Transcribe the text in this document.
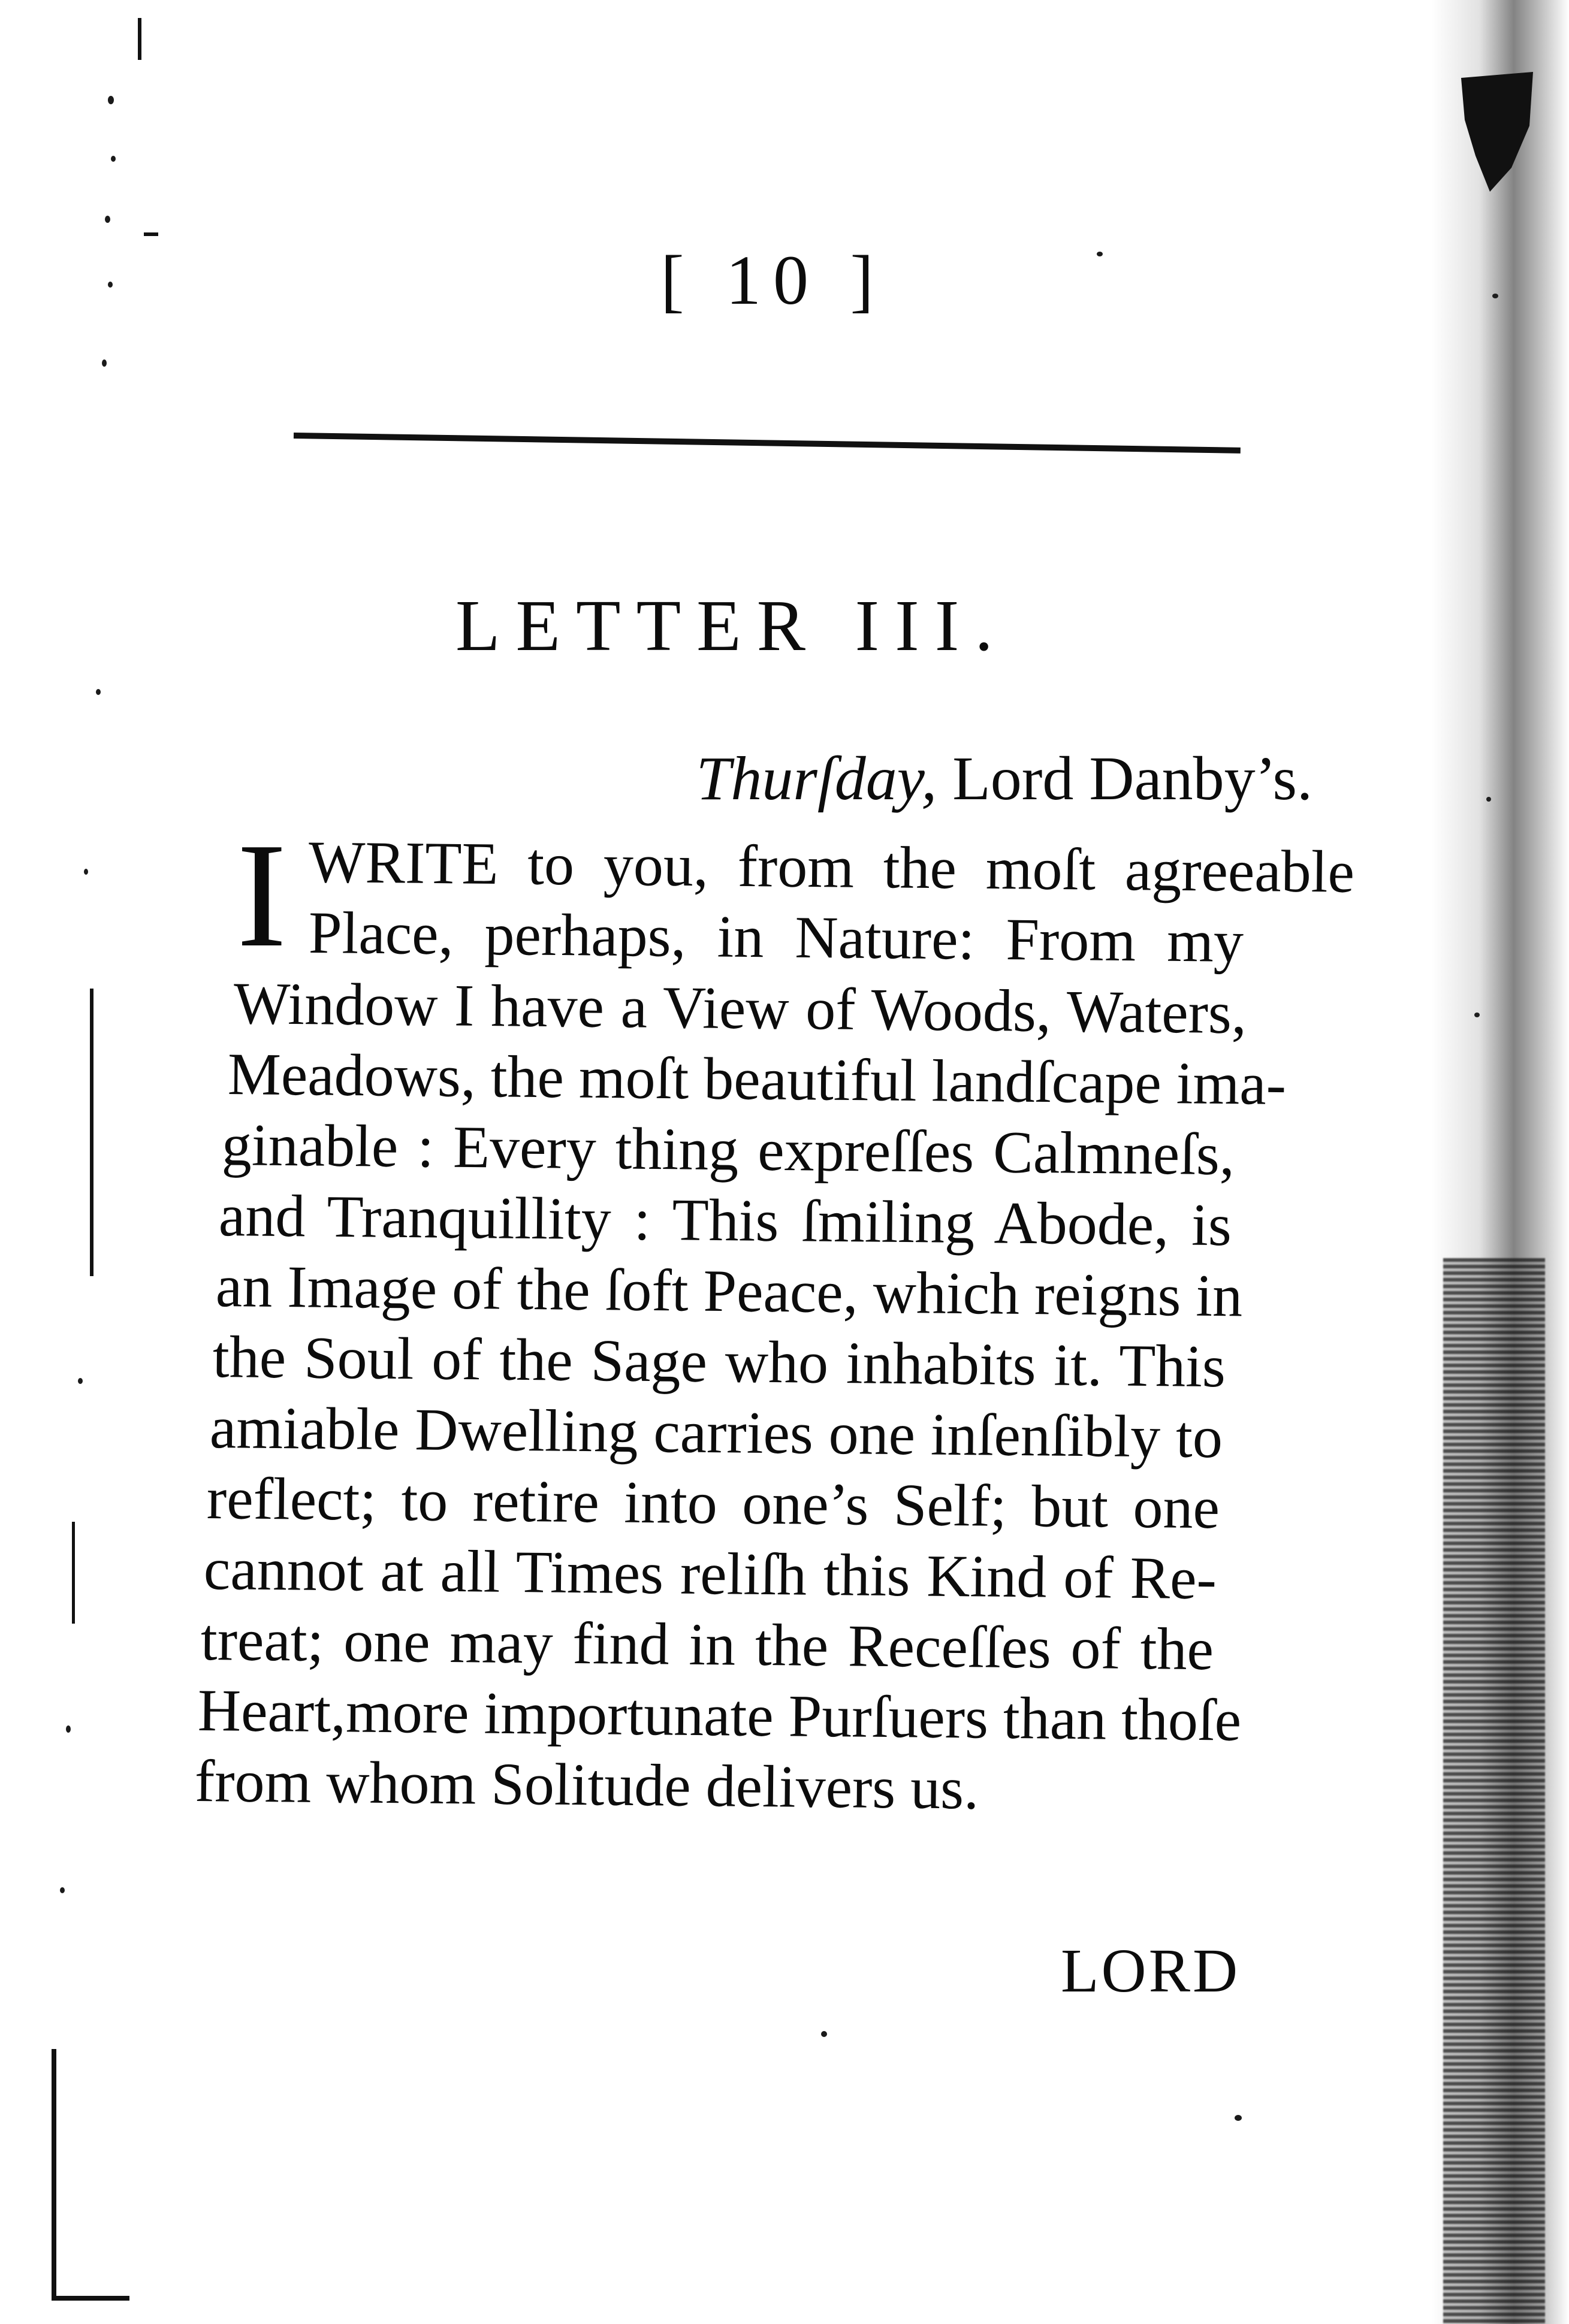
[ 10 ]
LETTER III.
Thurſday, Lord Danby’s.
I WRITE to you, from the moſt agreeable
Place, perhaps, in Nature: From my
Window I have a View of Woods, Waters,
Meadows, the moſt beautiful landſcape ima-
ginable : Every thing expreſſes Calmneſs,
and Tranquillity : This ſmiling Abode, is
an Image of the ſoft Peace, which reigns in
the Soul of the Sage who inhabits it. This
amiable Dwelling carries one inſenſibly to
reflect; to retire into one’s Self; but one
cannot at all Times reliſh this Kind of Re-
treat; one may find in the Receſſes of the
Heart,more importunate Purſuers than thoſe
from whom Solitude delivers us.
LORD
